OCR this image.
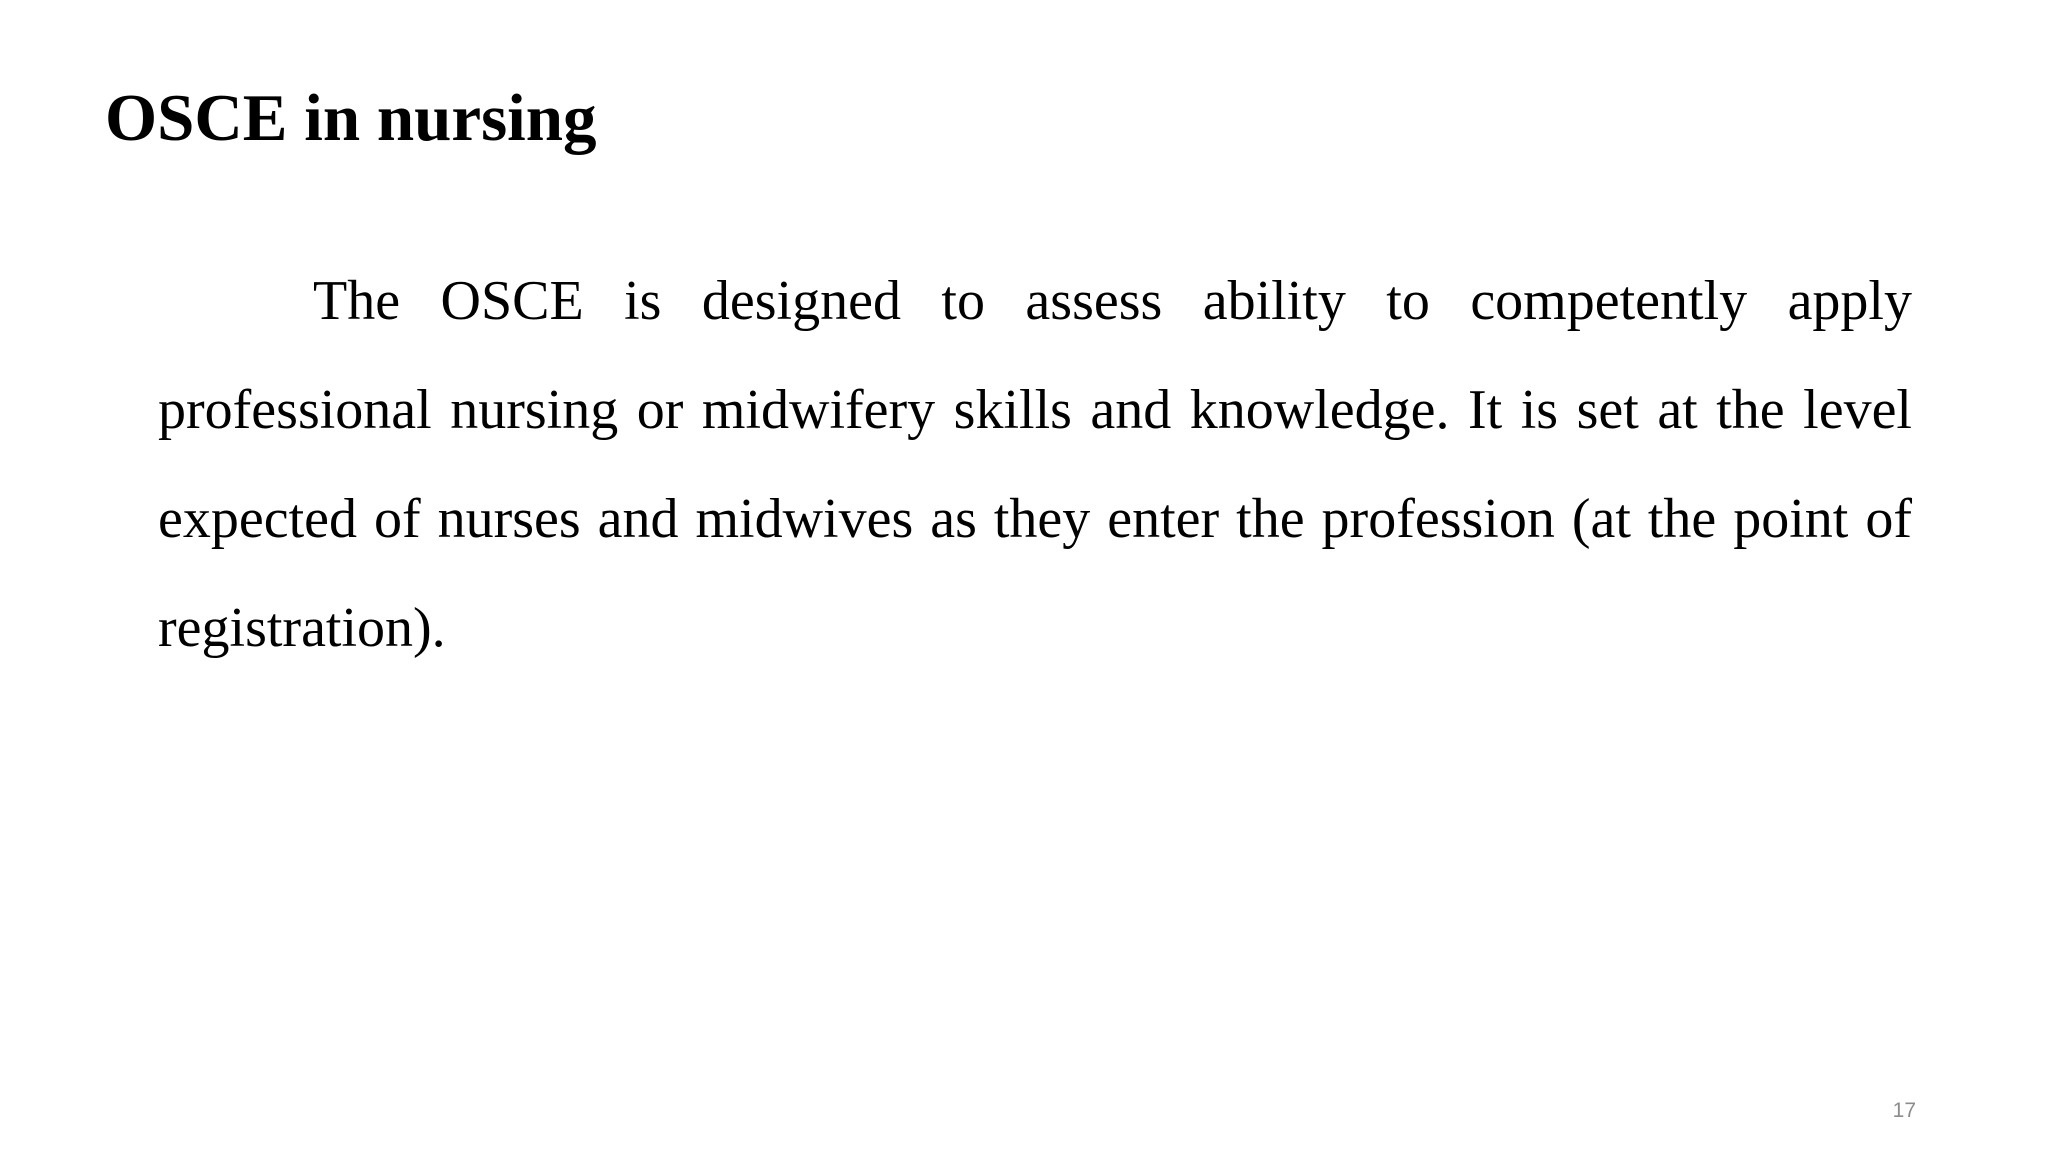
OSCE in nursing

The OSCE is designed to assess ability to competently apply professional nursing or midwifery skills and knowledge. It is set at the level expected of nurses and midwives as they enter the profession (at the point of registration).

17
